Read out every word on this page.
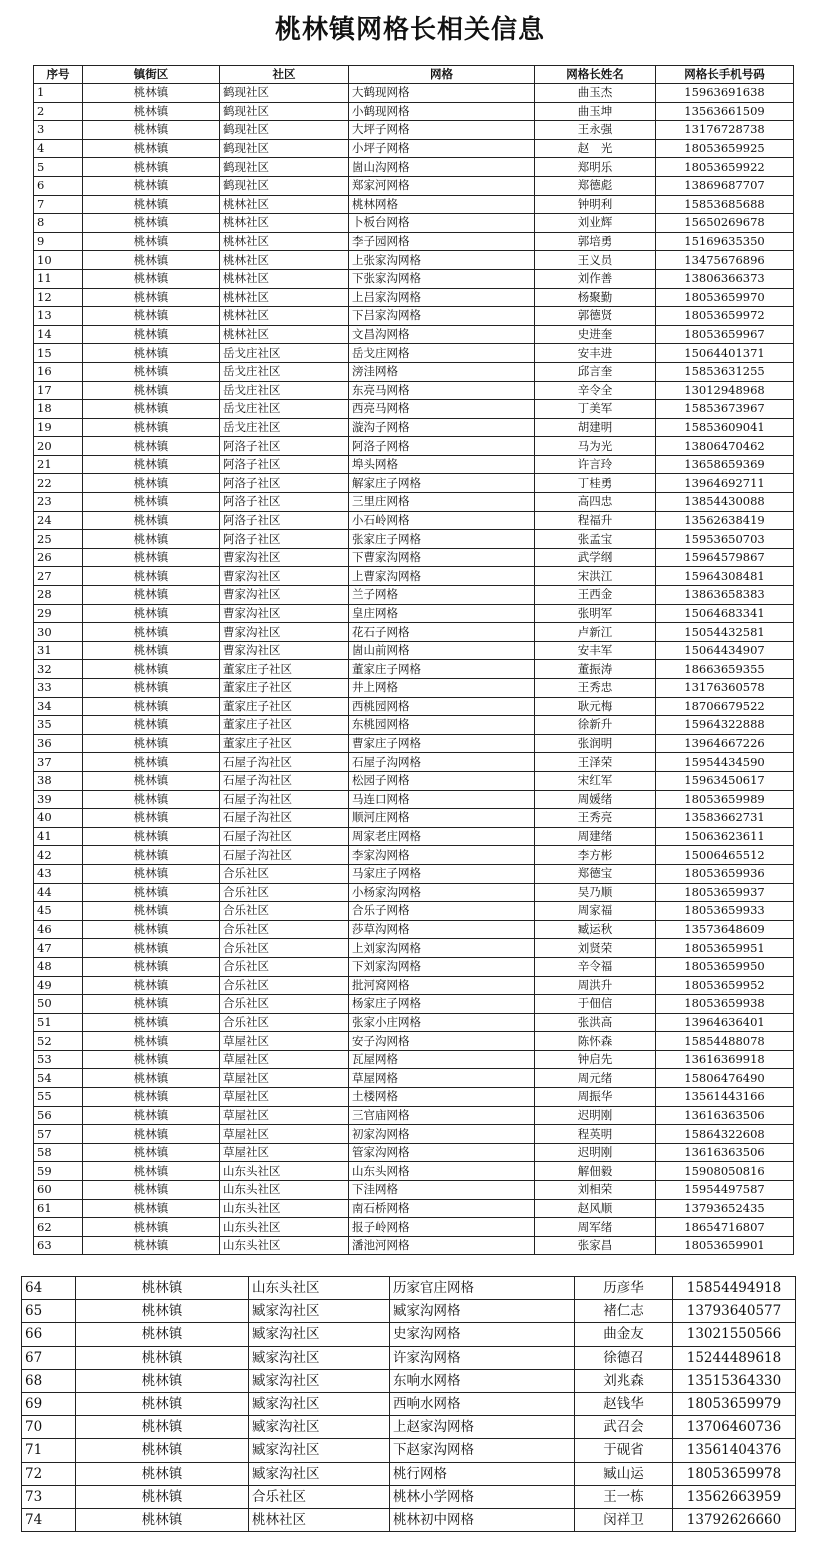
桃林镇网格长相关信息
序号	镇街区	社区	网格	网格长姓名	网格长手机号码
1	桃林镇	鹤现社区	大鹤现网格	曲玉杰	15963691638
2	桃林镇	鹤现社区	小鹤现网格	曲玉坤	13563661509
3	桃林镇	鹤现社区	大坪子网格	王永强	13176728738
4	桃林镇	鹤现社区	小坪子网格	赵　光	18053659925
5	桃林镇	鹤现社区	崮山沟网格	郑明乐	18053659922
6	桃林镇	鹤现社区	郑家河网格	郑德彪	13869687707
7	桃林镇	桃林社区	桃林网格	钟明利	15853685688
8	桃林镇	桃林社区	卜板台网格	刘业辉	15650269678
9	桃林镇	桃林社区	李子园网格	郭培勇	15169635350
10	桃林镇	桃林社区	上张家沟网格	王义员	13475676896
11	桃林镇	桃林社区	下张家沟网格	刘作善	13806366373
12	桃林镇	桃林社区	上吕家沟网格	杨聚勤	18053659970
13	桃林镇	桃林社区	下吕家沟网格	郭德贤	18053659972
14	桃林镇	桃林社区	文昌沟网格	史进奎	18053659967
15	桃林镇	岳戈庄社区	岳戈庄网格	安丰进	15064401371
16	桃林镇	岳戈庄社区	滂洼网格	邱言奎	15853631255
17	桃林镇	岳戈庄社区	东亮马网格	辛令全	13012948968
18	桃林镇	岳戈庄社区	西亮马网格	丁美军	15853673967
19	桃林镇	岳戈庄社区	漩沟子网格	胡建明	15853609041
20	桃林镇	阿洛子社区	阿洛子网格	马为光	13806470462
21	桃林镇	阿洛子社区	埠头网格	许言玲	13658659369
22	桃林镇	阿洛子社区	解家庄子网格	丁桂勇	13964692711
23	桃林镇	阿洛子社区	三里庄网格	高四忠	13854430088
24	桃林镇	阿洛子社区	小石岭网格	程福升	13562638419
25	桃林镇	阿洛子社区	张家庄子网格	张孟宝	15953650703
26	桃林镇	曹家沟社区	下曹家沟网格	武学纲	15964579867
27	桃林镇	曹家沟社区	上曹家沟网格	宋洪江	15964308481
28	桃林镇	曹家沟社区	兰子网格	王西金	13863658383
29	桃林镇	曹家沟社区	皇庄网格	张明军	15064683341
30	桃林镇	曹家沟社区	花石子网格	卢新江	15054432581
31	桃林镇	曹家沟社区	崮山前网格	安丰军	15064434907
32	桃林镇	董家庄子社区	董家庄子网格	董振涛	18663659355
33	桃林镇	董家庄子社区	井上网格	王秀忠	13176360578
34	桃林镇	董家庄子社区	西桃园网格	耿元梅	18706679522
35	桃林镇	董家庄子社区	东桃园网格	徐新升	15964322888
36	桃林镇	董家庄子社区	曹家庄子网格	张润明	13964667226
37	桃林镇	石屋子沟社区	石屋子沟网格	王泽荣	15954434590
38	桃林镇	石屋子沟社区	松园子网格	宋红军	15963450617
39	桃林镇	石屋子沟社区	马连口网格	周媛绪	18053659989
40	桃林镇	石屋子沟社区	顺河庄网格	王秀亮	13583662731
41	桃林镇	石屋子沟社区	周家老庄网格	周建绪	15063623611
42	桃林镇	石屋子沟社区	李家沟网格	李方彬	15006465512
43	桃林镇	合乐社区	马家庄子网格	郑德宝	18053659936
44	桃林镇	合乐社区	小杨家沟网格	吴乃顺	18053659937
45	桃林镇	合乐社区	合乐子网格	周家福	18053659933
46	桃林镇	合乐社区	莎草沟网格	臧运秋	13573648609
47	桃林镇	合乐社区	上刘家沟网格	刘贤荣	18053659951
48	桃林镇	合乐社区	下刘家沟网格	辛令福	18053659950
49	桃林镇	合乐社区	批河窝网格	周洪升	18053659952
50	桃林镇	合乐社区	杨家庄子网格	于佃信	18053659938
51	桃林镇	合乐社区	张家小庄网格	张洪高	13964636401
52	桃林镇	草屋社区	安子沟网格	陈怀森	15854488078
53	桃林镇	草屋社区	瓦屋网格	钟启先	13616369918
54	桃林镇	草屋社区	草屋网格	周元绪	15806476490
55	桃林镇	草屋社区	土楼网格	周振华	13561443166
56	桃林镇	草屋社区	三官庙网格	迟明刚	13616363506
57	桃林镇	草屋社区	初家沟网格	程英明	15864322608
58	桃林镇	草屋社区	管家沟网格	迟明刚	13616363506
59	桃林镇	山东头社区	山东头网格	解佃毅	15908050816
60	桃林镇	山东头社区	下洼网格	刘相荣	15954497587
61	桃林镇	山东头社区	南石桥网格	赵风顺	13793652435
62	桃林镇	山东头社区	报子岭网格	周军绪	18654716807
63	桃林镇	山东头社区	潘池河网格	张家昌	18053659901
64	桃林镇	山东头社区	历家官庄网格	历彦华	15854494918
65	桃林镇	臧家沟社区	臧家沟网格	褚仁志	13793640577
66	桃林镇	臧家沟社区	史家沟网格	曲金友	13021550566
67	桃林镇	臧家沟社区	许家沟网格	徐德召	15244489618
68	桃林镇	臧家沟社区	东响水网格	刘兆森	13515364330
69	桃林镇	臧家沟社区	西响水网格	赵钱华	18053659979
70	桃林镇	臧家沟社区	上赵家沟网格	武召会	13706460736
71	桃林镇	臧家沟社区	下赵家沟网格	于砚省	13561404376
72	桃林镇	臧家沟社区	桃行网格	臧山运	18053659978
73	桃林镇	合乐社区	桃林小学网格	王一栋	13562663959
74	桃林镇	桃林社区	桃林初中网格	闵祥卫	13792626660
